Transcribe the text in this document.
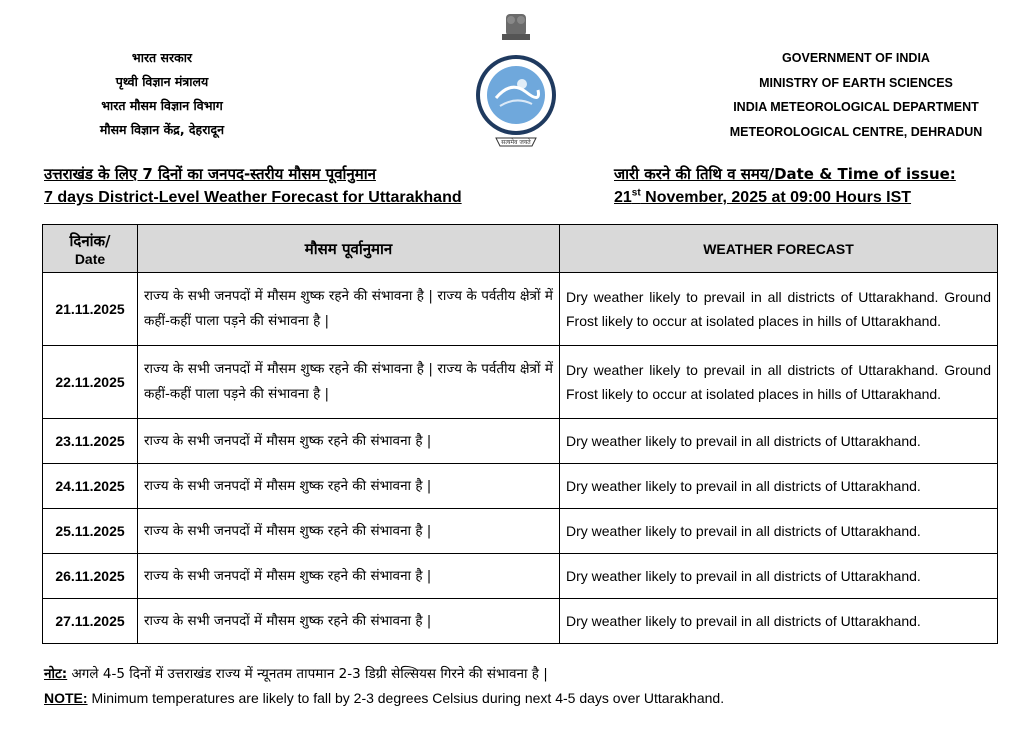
भारत सरकार
पृथ्वी विज्ञान मंत्रालय
भारत मौसम विज्ञान विभाग
मौसम विज्ञान केंद्र, देहरादून
सत्यमेव जयते
GOVERNMENT OF INDIA
MINISTRY OF EARTH SCIENCES
INDIA METEOROLOGICAL DEPARTMENT
METEOROLOGICAL CENTRE, DEHRADUN
उत्तराखंड के लिए 7 दिनों का जनपद-स्तरीय मौसम पूर्वानुमान
7 days District-Level Weather Forecast for Uttarakhand
जारी करने की तिथि व समय/Date & Time of issue:
21st November, 2025 at 09:00 Hours IST
दिनांक/
Date	मौसम पूर्वानुमान	WEATHER FORECAST
21.11.2025	राज्य के सभी जनपदों में मौसम शुष्क रहने की संभावना है | राज्य के पर्वतीय क्षेत्रों में कहीं-कहीं पाला पड़ने की संभावना है |	Dry weather likely to prevail in all districts of Uttarakhand. Ground Frost likely to occur at isolated places in hills of Uttarakhand.
22.11.2025	राज्य के सभी जनपदों में मौसम शुष्क रहने की संभावना है | राज्य के पर्वतीय क्षेत्रों में कहीं-कहीं पाला पड़ने की संभावना है |	Dry weather likely to prevail in all districts of Uttarakhand. Ground Frost likely to occur at isolated places in hills of Uttarakhand.
23.11.2025	राज्य के सभी जनपदों में मौसम शुष्क रहने की संभावना है |	Dry weather likely to prevail in all districts of Uttarakhand.
24.11.2025	राज्य के सभी जनपदों में मौसम शुष्क रहने की संभावना है |	Dry weather likely to prevail in all districts of Uttarakhand.
25.11.2025	राज्य के सभी जनपदों में मौसम शुष्क रहने की संभावना है |	Dry weather likely to prevail in all districts of Uttarakhand.
26.11.2025	राज्य के सभी जनपदों में मौसम शुष्क रहने की संभावना है |	Dry weather likely to prevail in all districts of Uttarakhand.
27.11.2025	राज्य के सभी जनपदों में मौसम शुष्क रहने की संभावना है |	Dry weather likely to prevail in all districts of Uttarakhand.
नोट: अगले 4-5 दिनों में उत्तराखंड राज्य में न्यूनतम तापमान 2-3 डिग्री सेल्सियस गिरने की संभावना है |
NOTE: Minimum temperatures are likely to fall by 2-3 degrees Celsius during next 4-5 days over Uttarakhand.
